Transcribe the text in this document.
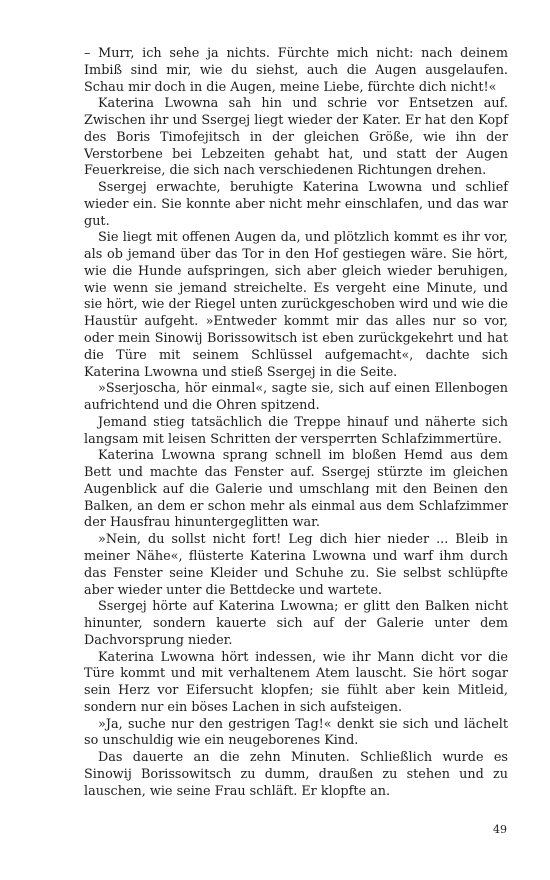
– Murr, ich sehe ja nichts. Fürchte mich nicht: nach deinem Imbiß sind mir, wie du siehst, auch die Augen ausgelaufen. Schau mir doch in die Augen, meine Liebe, fürchte dich nicht!«

Katerina Lwowna sah hin und schrie vor Entsetzen auf. Zwischen ihr und Ssergej liegt wieder der Kater. Er hat den Kopf des Boris Timofejitsch in der gleichen Größe, wie ihn der Verstorbene bei Lebzeiten gehabt hat, und statt der Augen Feuerkreise, die sich nach verschiedenen Richtungen drehen.

Ssergej erwachte, beruhigte Katerina Lwowna und schlief wieder ein. Sie konnte aber nicht mehr einschlafen, und das war gut.

Sie liegt mit offenen Augen da, und plötzlich kommt es ihr vor, als ob jemand über das Tor in den Hof gestiegen wäre. Sie hört, wie die Hunde aufspringen, sich aber gleich wieder beruhigen, wie wenn sie jemand streichelte. Es vergeht eine Minute, und sie hört, wie der Riegel unten zurückgeschoben wird und wie die Haustür aufgeht. »Entweder kommt mir das alles nur so vor, oder mein Sinowij Borissowitsch ist eben zurückgekehrt und hat die Türe mit seinem Schlüssel aufgemacht«, dachte sich Katerina Lwowna und stieß Ssergej in die Seite.

»Sserjoscha, hör einmal«, sagte sie, sich auf einen Ellenbogen aufrichtend und die Ohren spitzend.

Jemand stieg tatsächlich die Treppe hinauf und näherte sich langsam mit leisen Schritten der versperrten Schlafzimmertüre.

Katerina Lwowna sprang schnell im bloßen Hemd aus dem Bett und machte das Fenster auf. Ssergej stürzte im gleichen Augenblick auf die Galerie und umschlang mit den Beinen den Balken, an dem er schon mehr als einmal aus dem Schlafzimmer der Hausfrau hinuntergeglitten war.

»Nein, du sollst nicht fort! Leg dich hier nieder ... Bleib in meiner Nähe«, flüsterte Katerina Lwowna und warf ihm durch das Fenster seine Kleider und Schuhe zu. Sie selbst schlüpfte aber wieder unter die Bettdecke und wartete.

Ssergej hörte auf Katerina Lwowna; er glitt den Balken nicht hinunter, sondern kauerte sich auf der Galerie unter dem Dachvorsprung nieder.

Katerina Lwowna hört indessen, wie ihr Mann dicht vor die Türe kommt und mit verhaltenem Atem lauscht. Sie hört sogar sein Herz vor Eifersucht klopfen; sie fühlt aber kein Mitleid, sondern nur ein böses Lachen in sich aufsteigen.

»Ja, suche nur den gestrigen Tag!« denkt sie sich und lächelt so unschuldig wie ein neugeborenes Kind.

Das dauerte an die zehn Minuten. Schließlich wurde es Sinowij Borissowitsch zu dumm, draußen zu stehen und zu lauschen, wie seine Frau schläft. Er klopfte an.

49
